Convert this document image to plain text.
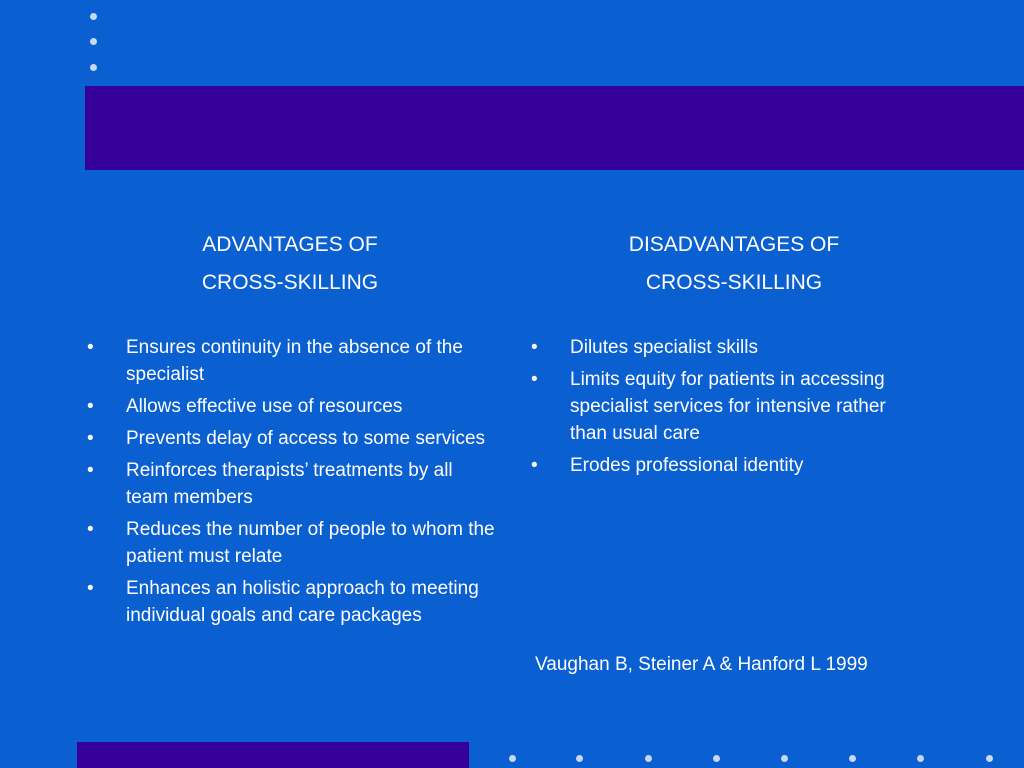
ADVANTAGES OF
CROSS-SKILLING
• Ensures continuity in the absence of the specialist
• Allows effective use of resources
• Prevents delay of access to some services
• Reinforces therapists’ treatments by all team members
• Reduces the number of people to whom the patient must relate
• Enhances an holistic approach to meeting individual goals and care packages
DISADVANTAGES OF
CROSS-SKILLING
• Dilutes specialist skills
• Limits equity for patients in accessing specialist services for intensive rather than usual care
• Erodes professional identity
Vaughan B, Steiner A & Hanford L 1999
